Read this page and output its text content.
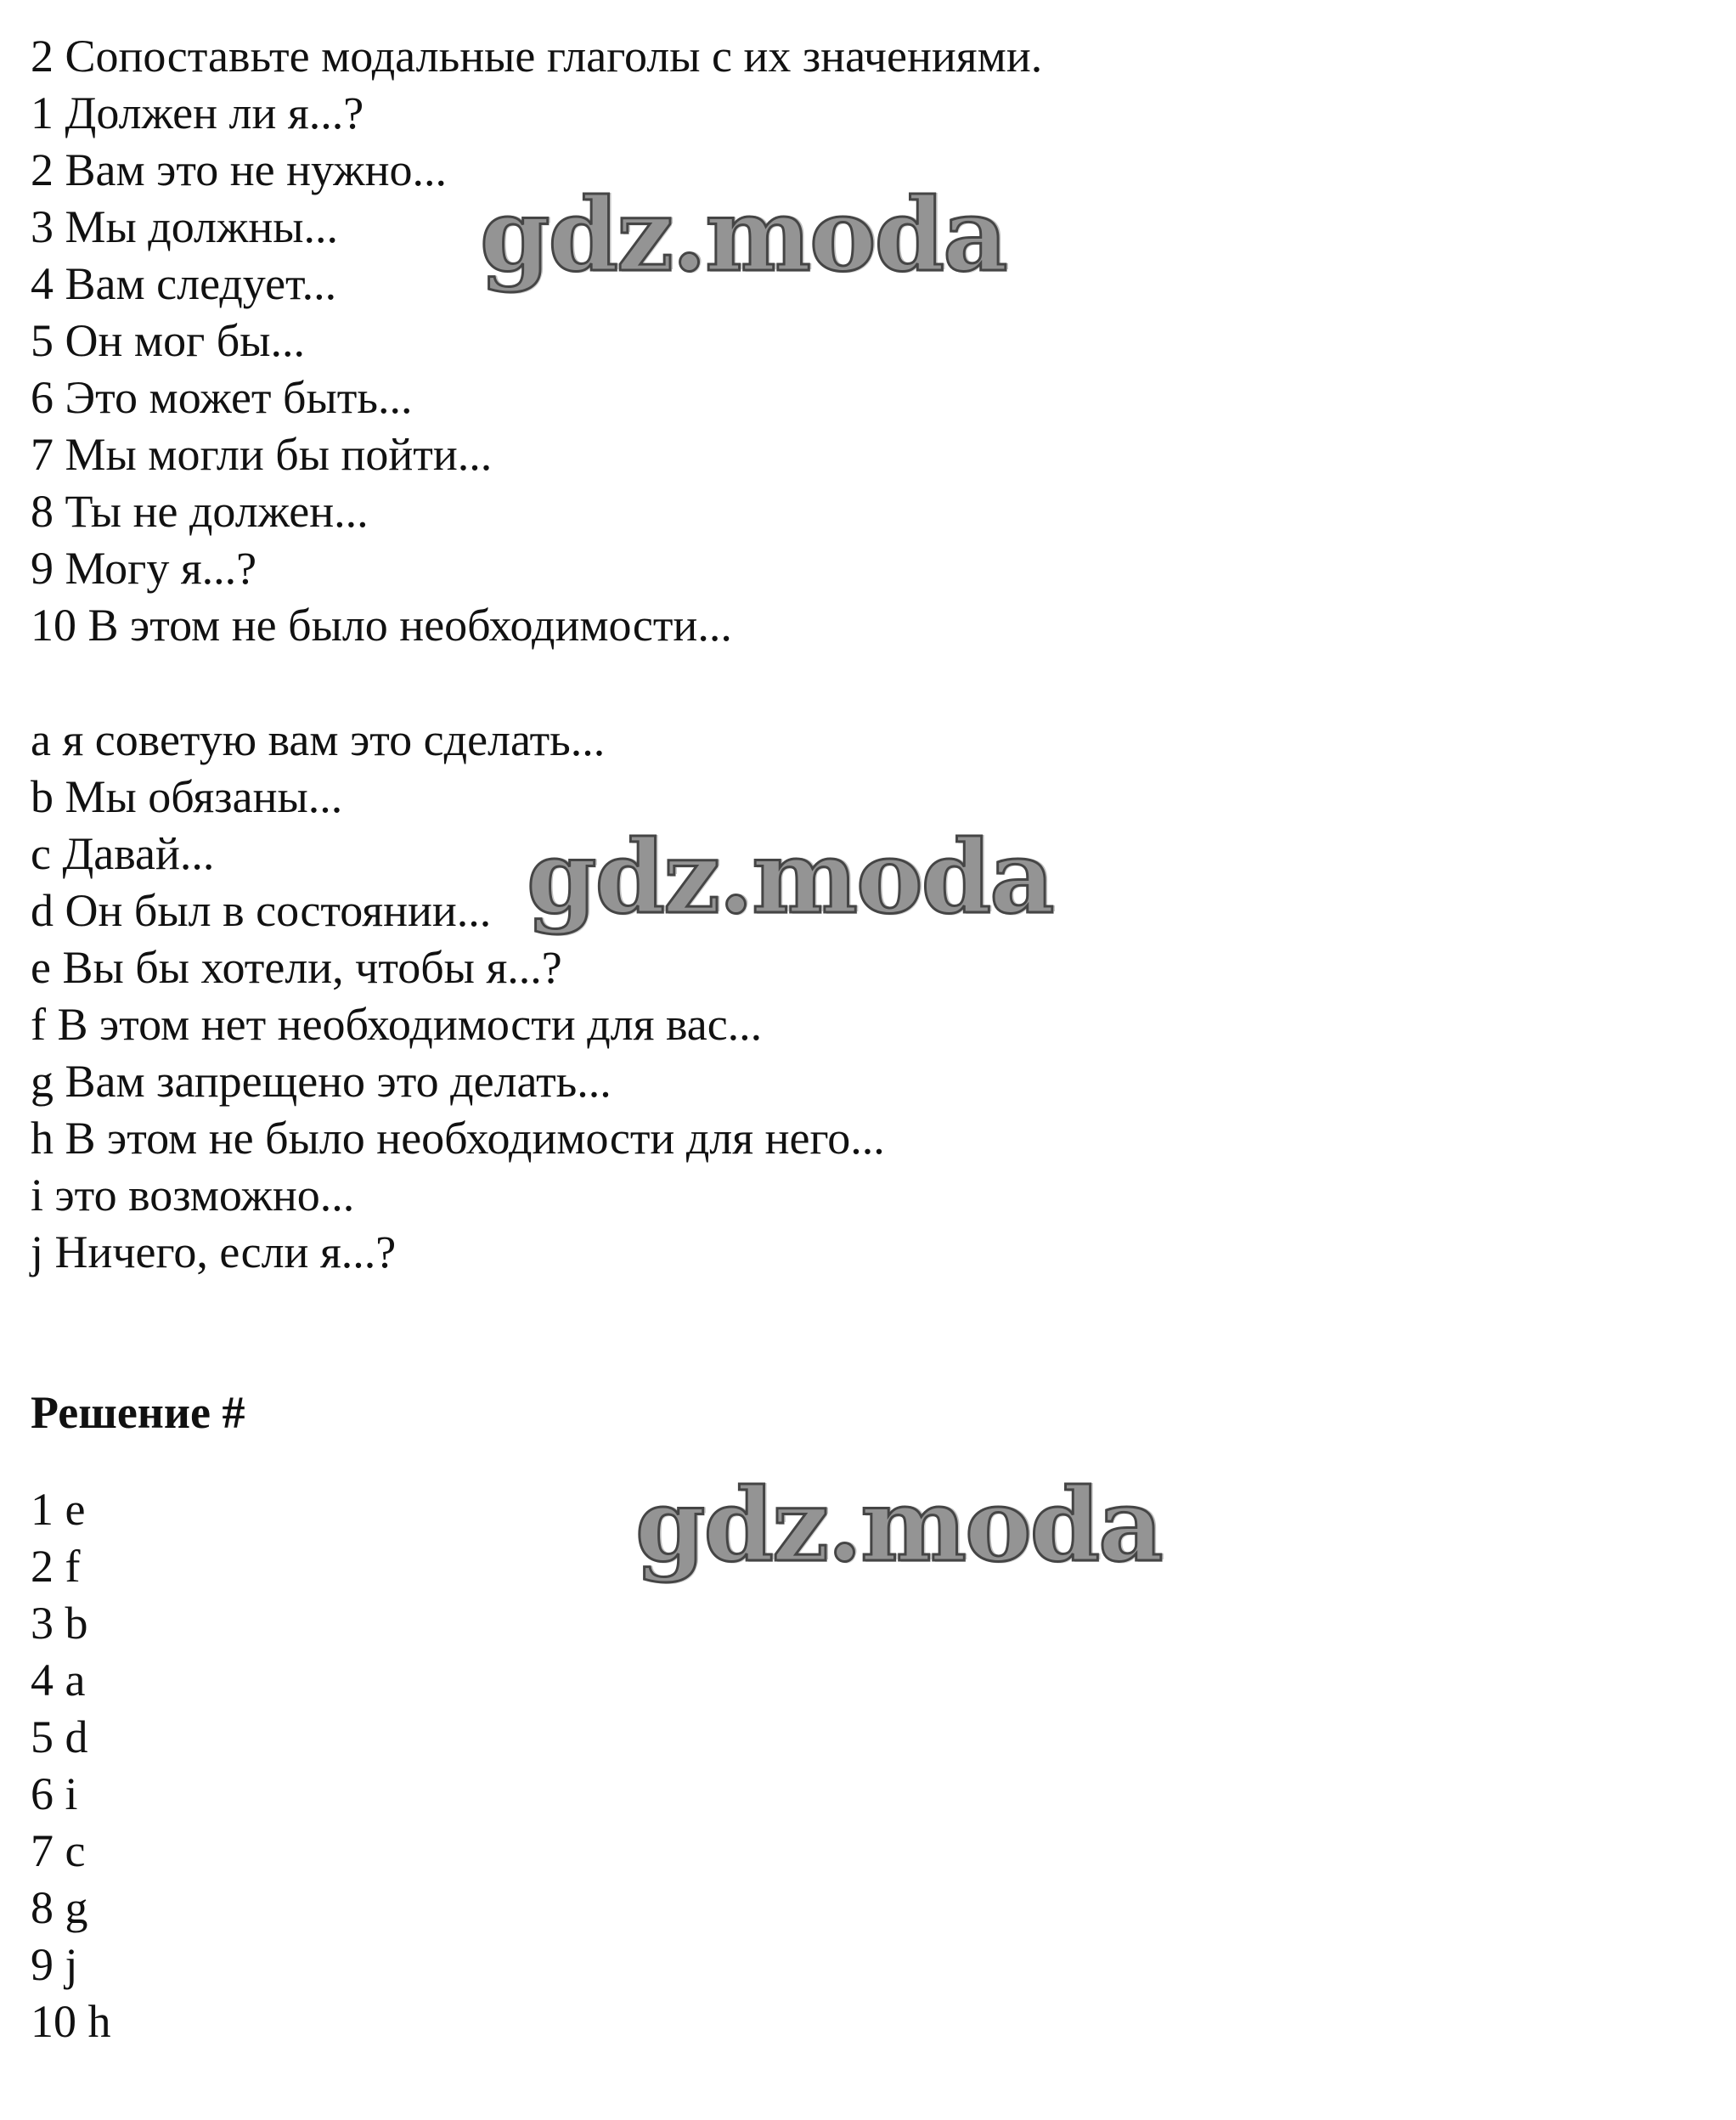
2 Сопоставьте модальные глаголы с их значениями.

1 Должен ли я...?

2 Вам это не нужно...

3 Мы должны...

4 Вам следует...

5 Он мог бы...

6 Это может быть...

7 Мы могли бы пойти...

8 Ты не должен...

9 Могу я...?

10 В этом не было необходимости...

a я советую вам это сделать...

b Мы обязаны...

c Давай...

d Он был в состоянии...

e Вы бы хотели, чтобы я...?

f В этом нет необходимости для вас...

g Вам запрещено это делать...

h В этом не было необходимости для него...

i это возможно...

j Ничего, если я...?

Решение #

1 e

2 f

3 b

4 a

5 d

6 i

7 c

8 g

9 j

10 h

gdz.moda
gdz.moda
gdz.moda
